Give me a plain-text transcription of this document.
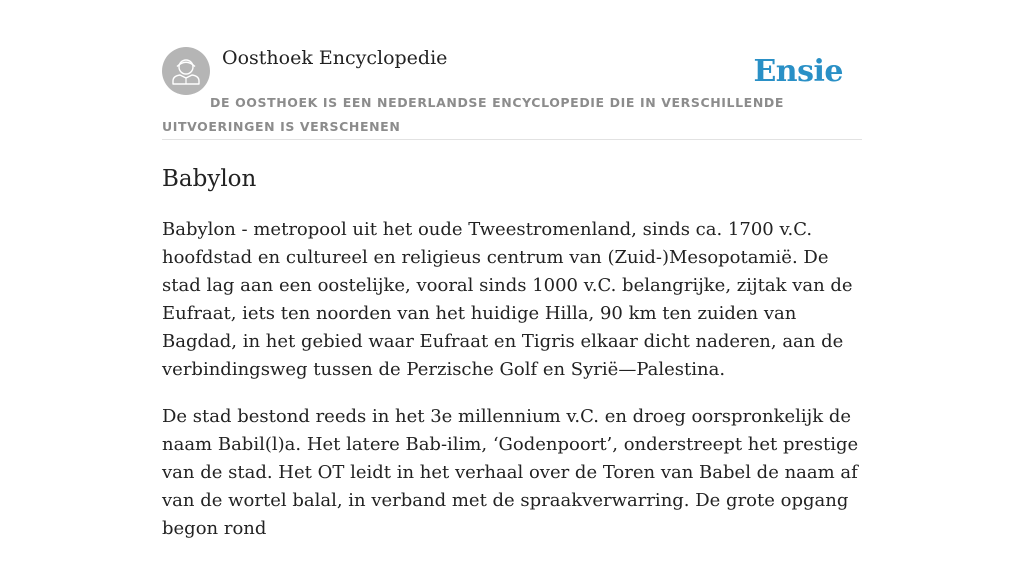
Oosthoek Encyclopedie	Ensie
DE OOSTHOEK IS EEN NEDERLANDSE ENCYCLOPEDIE DIE IN VERSCHILLENDE UITVOERINGEN IS VERSCHENEN
Babylon

Babylon - metropool uit het oude Tweestromenland, sinds ca. 1700 v.C. hoofdstad en cultureel en religieus centrum van (Zuid-)Mesopotamië. De stad lag aan een oostelijke, vooral sinds 1000 v.C. belangrijke, zijtak van de Eufraat, iets ten noorden van het huidige Hilla, 90 km ten zuiden van Bagdad, in het gebied waar Eufraat en Tigris elkaar dicht naderen, aan de verbindingsweg tussen de Perzische Golf en Syrië—Palestina.

De stad bestond reeds in het 3e millennium v.C. en droeg oorspronkelijk de naam Babil(l)a. Het latere Bab-ilim, ‘Godenpoort’, onderstreept het prestige van de stad. Het OT leidt in het verhaal over de Toren van Babel de naam af van de wortel balal, in verband met de spraakverwarring. De grote opgang begon rond
